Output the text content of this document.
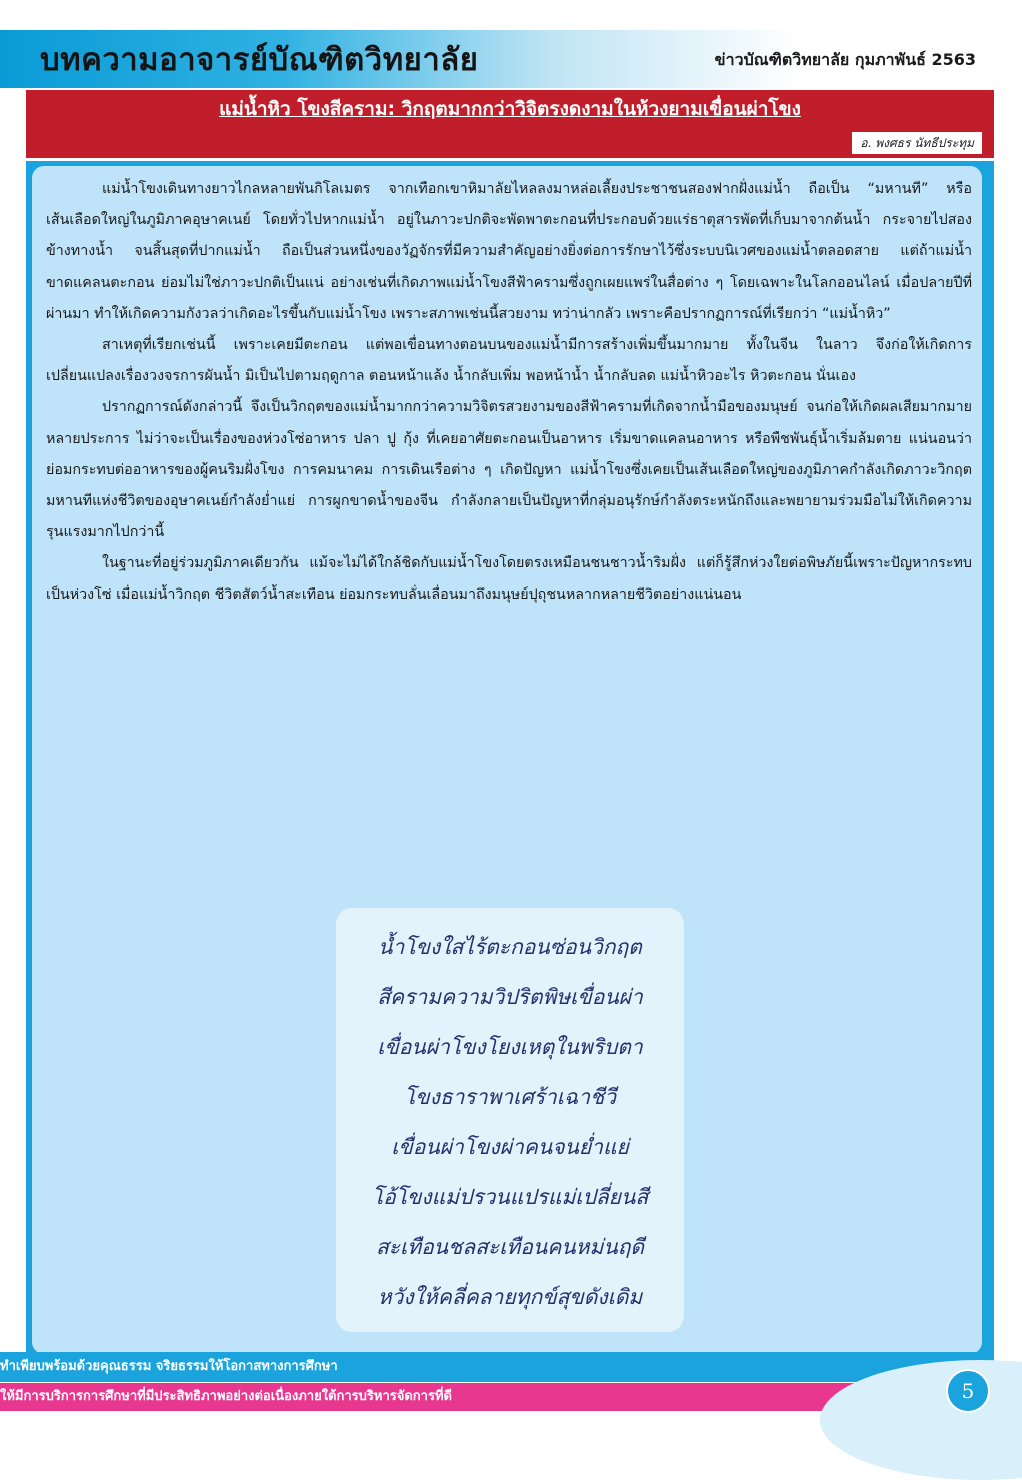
บทความอาจารย์บัณฑิตวิทยาลัย	ข่าวบัณฑิตวิทยาลัย กุมภาพันธ์ 2563
แม่น้ำหิว โขงสีคราม: วิกฤตมากกว่าวิจิตรงดงามในห้วงยามเขื่อนผ่าโขง
อ. พงศธร นัทธีประทุม

แม่น้ำโขงเดินทางยาวไกลหลายพันกิโลเมตร จากเทือกเขาหิมาลัยไหลลงมาหล่อเลี้ยงประชาชนสองฟากฝั่งแม่น้ำ ถือเป็น “มหานที” หรือเส้นเลือดใหญ่ในภูมิภาคอุษาคเนย์ โดยทั่วไปหากแม่น้ำ อยู่ในภาวะปกติจะพัดพาตะกอนที่ประกอบด้วยแร่ธาตุสารพัดที่เก็บมาจากต้นน้ำ กระจายไปสองข้างทางน้ำ จนสิ้นสุดที่ปากแม่น้ำ ถือเป็นส่วนหนึ่งของวัฏจักรที่มีความสำคัญอย่างยิ่งต่อการรักษาไว้ซึ่งระบบนิเวศของแม่น้ำตลอดสาย แต่ถ้าแม่น้ำขาดแคลนตะกอน ย่อมไม่ใช่ภาวะปกติเป็นแน่ อย่างเช่นที่เกิดภาพแม่น้ำโขงสีฟ้าครามซึ่งถูกเผยแพร่ในสื่อต่าง ๆ โดยเฉพาะในโลกออนไลน์ เมื่อปลายปีที่ผ่านมา ทำให้เกิดความกังวลว่าเกิดอะไรขึ้นกับแม่น้ำโขง เพราะสภาพเช่นนี้สวยงาม ทว่าน่ากลัว เพราะคือปรากฏการณ์ที่เรียกว่า “แม่น้ำหิว”

สาเหตุที่เรียกเช่นนี้ เพราะเคยมีตะกอน แต่พอเขื่อนทางตอนบนของแม่น้ำมีการสร้างเพิ่มขึ้นมากมาย ทั้งในจีน ในลาว จึงก่อให้เกิดการเปลี่ยนแปลงเรื่องวงจรการผันน้ำ มิเป็นไปตามฤดูกาล ตอนหน้าแล้ง น้ำกลับเพิ่ม พอหน้าน้ำ น้ำกลับลด แม่น้ำหิวอะไร หิวตะกอน นั่นเอง

ปรากฏการณ์ดังกล่าวนี้ จึงเป็นวิกฤตของแม่น้ำมากกว่าความวิจิตรสวยงามของสีฟ้าครามที่เกิดจากน้ำมือของมนุษย์ จนก่อให้เกิดผลเสียมากมายหลายประการ ไม่ว่าจะเป็นเรื่องของห่วงโซ่อาหาร ปลา ปู กุ้ง ที่เคยอาศัยตะกอนเป็นอาหาร เริ่มขาดแคลนอาหาร หรือพืชพันธุ์น้ำเริ่มล้มตาย แน่นอนว่า ย่อมกระทบต่ออาหารของผู้คนริมฝั่งโขง การคมนาคม การเดินเรือต่าง ๆ เกิดปัญหา แม่น้ำโขงซึ่งเคยเป็นเส้นเลือดใหญ่ของภูมิภาคกำลังเกิดภาวะวิกฤต มหานทีแห่งชีวิตของอุษาคเนย์กำลังย่ำแย่ การผูกขาดน้ำของจีน กำลังกลายเป็นปัญหาที่กลุ่มอนุรักษ์กำลังตระหนักถึงและพยายามร่วมมือไม่ให้เกิดความรุนแรงมากไปกว่านี้

ในฐานะที่อยู่ร่วมภูมิภาคเดียวกัน แม้จะไม่ได้ใกล้ชิดกับแม่น้ำโขงโดยตรงเหมือนชนชาวน้ำริมฝั่ง แต่ก็รู้สึกห่วงใยต่อพิษภัยนี้เพราะปัญหากระทบเป็นห่วงโซ่ เมื่อแม่น้ำวิกฤต ชีวิตสัตว์น้ำสะเทือน ย่อมกระทบลั่นเลื่อนมาถึงมนุษย์ปุถุชนหลากหลายชีวิตอย่างแน่นอน

น้ำโขงใสไร้ตะกอนซ่อนวิกฤต
สีครามความวิปริตพิษเขื่อนผ่า
เขื่อนผ่าโขงโยงเหตุในพริบตา
โขงธาราพาเศร้าเฉาชีวี
เขื่อนผ่าโขงผ่าคนจนย่ำแย่
โอ้โขงแม่ปรวนแปรแม่เปลี่ยนสี
สะเทือนชลสะเทือนคนหม่นฤดี
หวังให้คลี่คลายทุกข์สุขดังเดิม
ทำเพียบพร้อมด้วยคุณธรรม จริยธรรมให้โอกาสทางการศึกษา
ให้มีการบริการการศึกษาที่มีประสิทธิภาพอย่างต่อเนื่องภายใต้การบริหารจัดการที่ดี	5
